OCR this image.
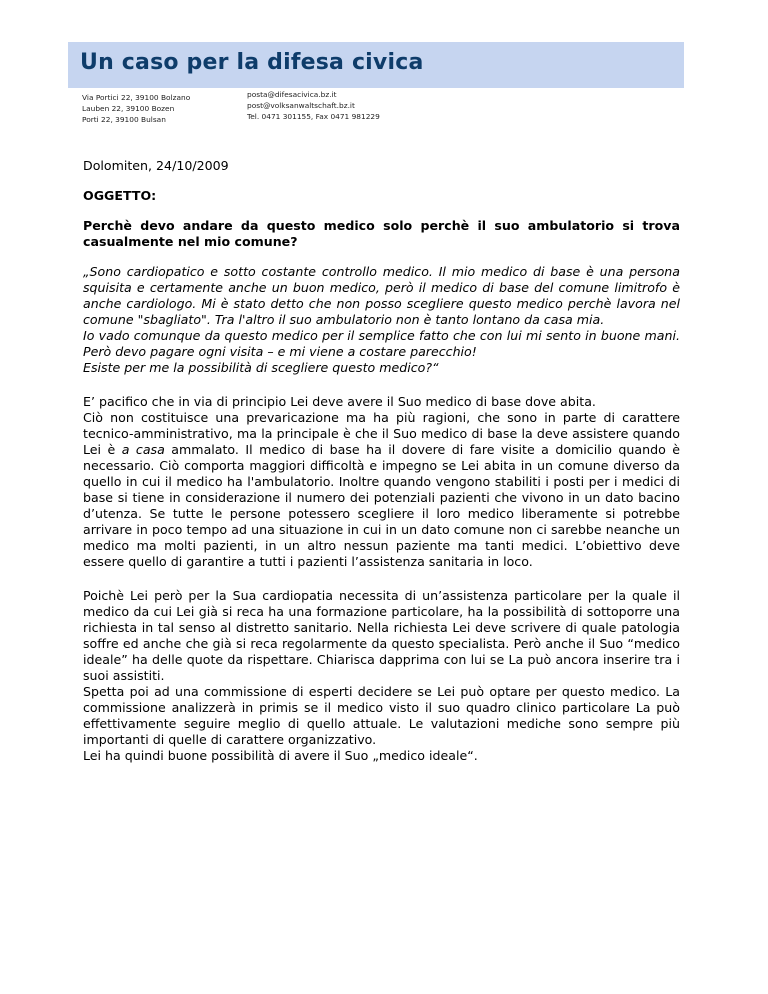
Un caso per la difesa civica
Via Portici 22, 39100 Bolzano
Lauben 22, 39100 Bozen
Porti 22, 39100 Bulsan
posta@difesacivica.bz.it
post@volksanwaltschaft.bz.it
Tel. 0471 301155, Fax 0471 981229

Dolomiten, 24/10/2009

OGGETTO:

Perchè devo andare da questo medico solo perchè il suo ambulatorio si trova casualmente nel mio comune?

„Sono cardiopatico e sotto costante controllo medico. Il mio medico di base è una persona squisita e certamente anche un buon medico, però il medico di base del comune limitrofo è anche cardiologo. Mi è stato detto che non posso scegliere questo medico perchè lavora nel comune "sbagliato". Tra l'altro il suo ambulatorio non è tanto lontano da casa mia.

Io vado comunque da questo medico per il semplice fatto che con lui mi sento in buone mani. Però devo pagare ogni visita – e mi viene a costare parecchio!

Esiste per me la possibilità di scegliere questo medico?“

E’ pacifico che in via di principio Lei deve avere il Suo medico di base dove abita.

Ciò non costituisce una prevaricazione ma ha più ragioni, che sono in parte di carattere tecnico-amministrativo, ma la principale è che il Suo medico di base la deve assistere quando Lei è a casa ammalato. Il medico di base ha il dovere di fare visite a domicilio quando è necessario. Ciò comporta maggiori difficoltà e impegno se Lei abita in un comune diverso da quello in cui il medico ha l'ambulatorio. Inoltre quando vengono stabiliti i posti per i medici di base si tiene in considerazione il numero dei potenziali pazienti che vivono in un dato bacino d’utenza. Se tutte le persone potessero scegliere il loro medico liberamente si potrebbe arrivare in poco tempo ad una situazione in cui in un dato comune non ci sarebbe neanche un medico ma molti pazienti, in un altro nessun paziente ma tanti medici. L’obiettivo deve essere quello di garantire a tutti i pazienti l’assistenza sanitaria in loco.

Poichè Lei però per la Sua cardiopatia necessita di un’assistenza particolare per la quale il medico da cui Lei già si reca ha una formazione particolare, ha la possibilità di sottoporre una richiesta in tal senso al distretto sanitario. Nella richiesta Lei deve scrivere di quale patologia soffre ed anche che già si reca regolarmente da questo specialista. Però anche il Suo “medico ideale” ha delle quote da rispettare. Chiarisca dapprima con lui se La può ancora inserire tra i suoi assistiti.

Spetta poi ad una commissione di esperti decidere se Lei può optare per questo medico. La commissione analizzerà in primis se il medico visto il suo quadro clinico particolare La può effettivamente seguire meglio di quello attuale. Le valutazioni mediche sono sempre più importanti di quelle di carattere organizzativo.

Lei ha quindi buone possibilità di avere il Suo „medico ideale“.
